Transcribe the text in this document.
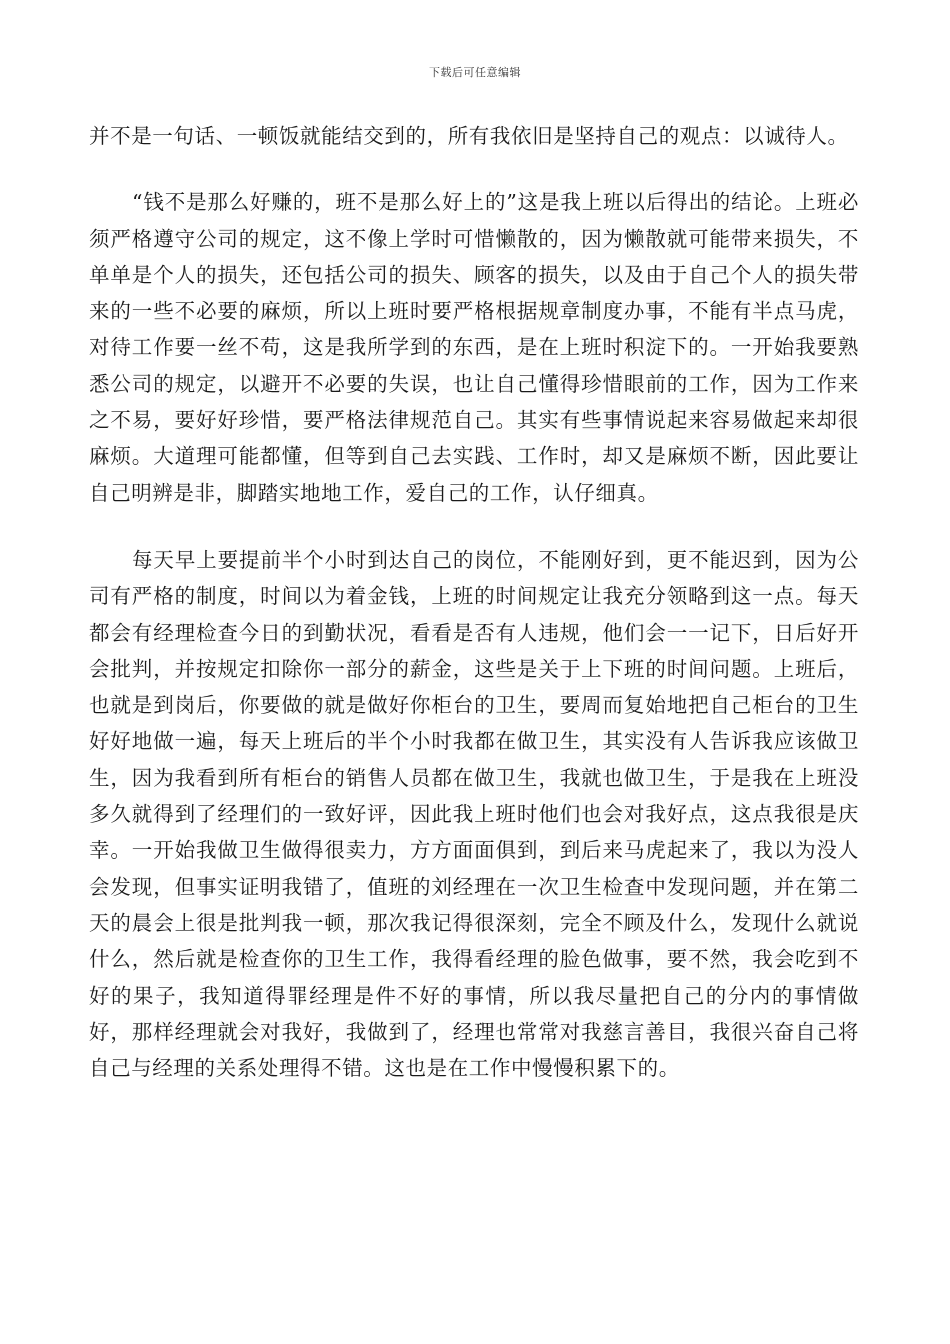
下载后可任意编辑

并不是一句话、一顿饭就能结交到的，所有我依旧是坚持自己的观点：以诚待人。

“钱不是那么好赚的，班不是那么好上的”这是我上班以后得出的结论。上班必须严格遵守公司的规定，这不像上学时可惜懒散的，因为懒散就可能带来损失，不单单是个人的损失，还包括公司的损失、顾客的损失，以及由于自己个人的损失带来的一些不必要的麻烦，所以上班时要严格根据规章制度办事，不能有半点马虎，对待工作要一丝不苟，这是我所学到的东西，是在上班时积淀下的。一开始我要熟悉公司的规定，以避开不必要的失误，也让自己懂得珍惜眼前的工作，因为工作来之不易，要好好珍惜，要严格法律规范自己。其实有些事情说起来容易做起来却很麻烦。大道理可能都懂，但等到自己去实践、工作时，却又是麻烦不断，因此要让自己明辨是非，脚踏实地地工作，爱自己的工作，认仔细真。

每天早上要提前半个小时到达自己的岗位，不能刚好到，更不能迟到，因为公司有严格的制度，时间以为着金钱，上班的时间规定让我充分领略到这一点。每天都会有经理检查今日的到勤状况，看看是否有人违规，他们会一一记下，日后好开会批判，并按规定扣除你一部分的薪金，这些是关于上下班的时间问题。上班后，也就是到岗后，你要做的就是做好你柜台的卫生，要周而复始地把自己柜台的卫生好好地做一遍，每天上班后的半个小时我都在做卫生，其实没有人告诉我应该做卫生，因为我看到所有柜台的销售人员都在做卫生，我就也做卫生，于是我在上班没多久就得到了经理们的一致好评，因此我上班时他们也会对我好点，这点我很是庆幸。一开始我做卫生做得很卖力，方方面面俱到，到后来马虎起来了，我以为没人会发现，但事实证明我错了，值班的刘经理在一次卫生检查中发现问题，并在第二天的晨会上很是批判我一顿，那次我记得很深刻，完全不顾及什么，发现什么就说什么，然后就是检查你的卫生工作，我得看经理的脸色做事，要不然，我会吃到不好的果子，我知道得罪经理是件不好的事情，所以我尽量把自己的分内的事情做好，那样经理就会对我好，我做到了，经理也常常对我慈言善目，我很兴奋自己将自己与经理的关系处理得不错。这也是在工作中慢慢积累下的。
